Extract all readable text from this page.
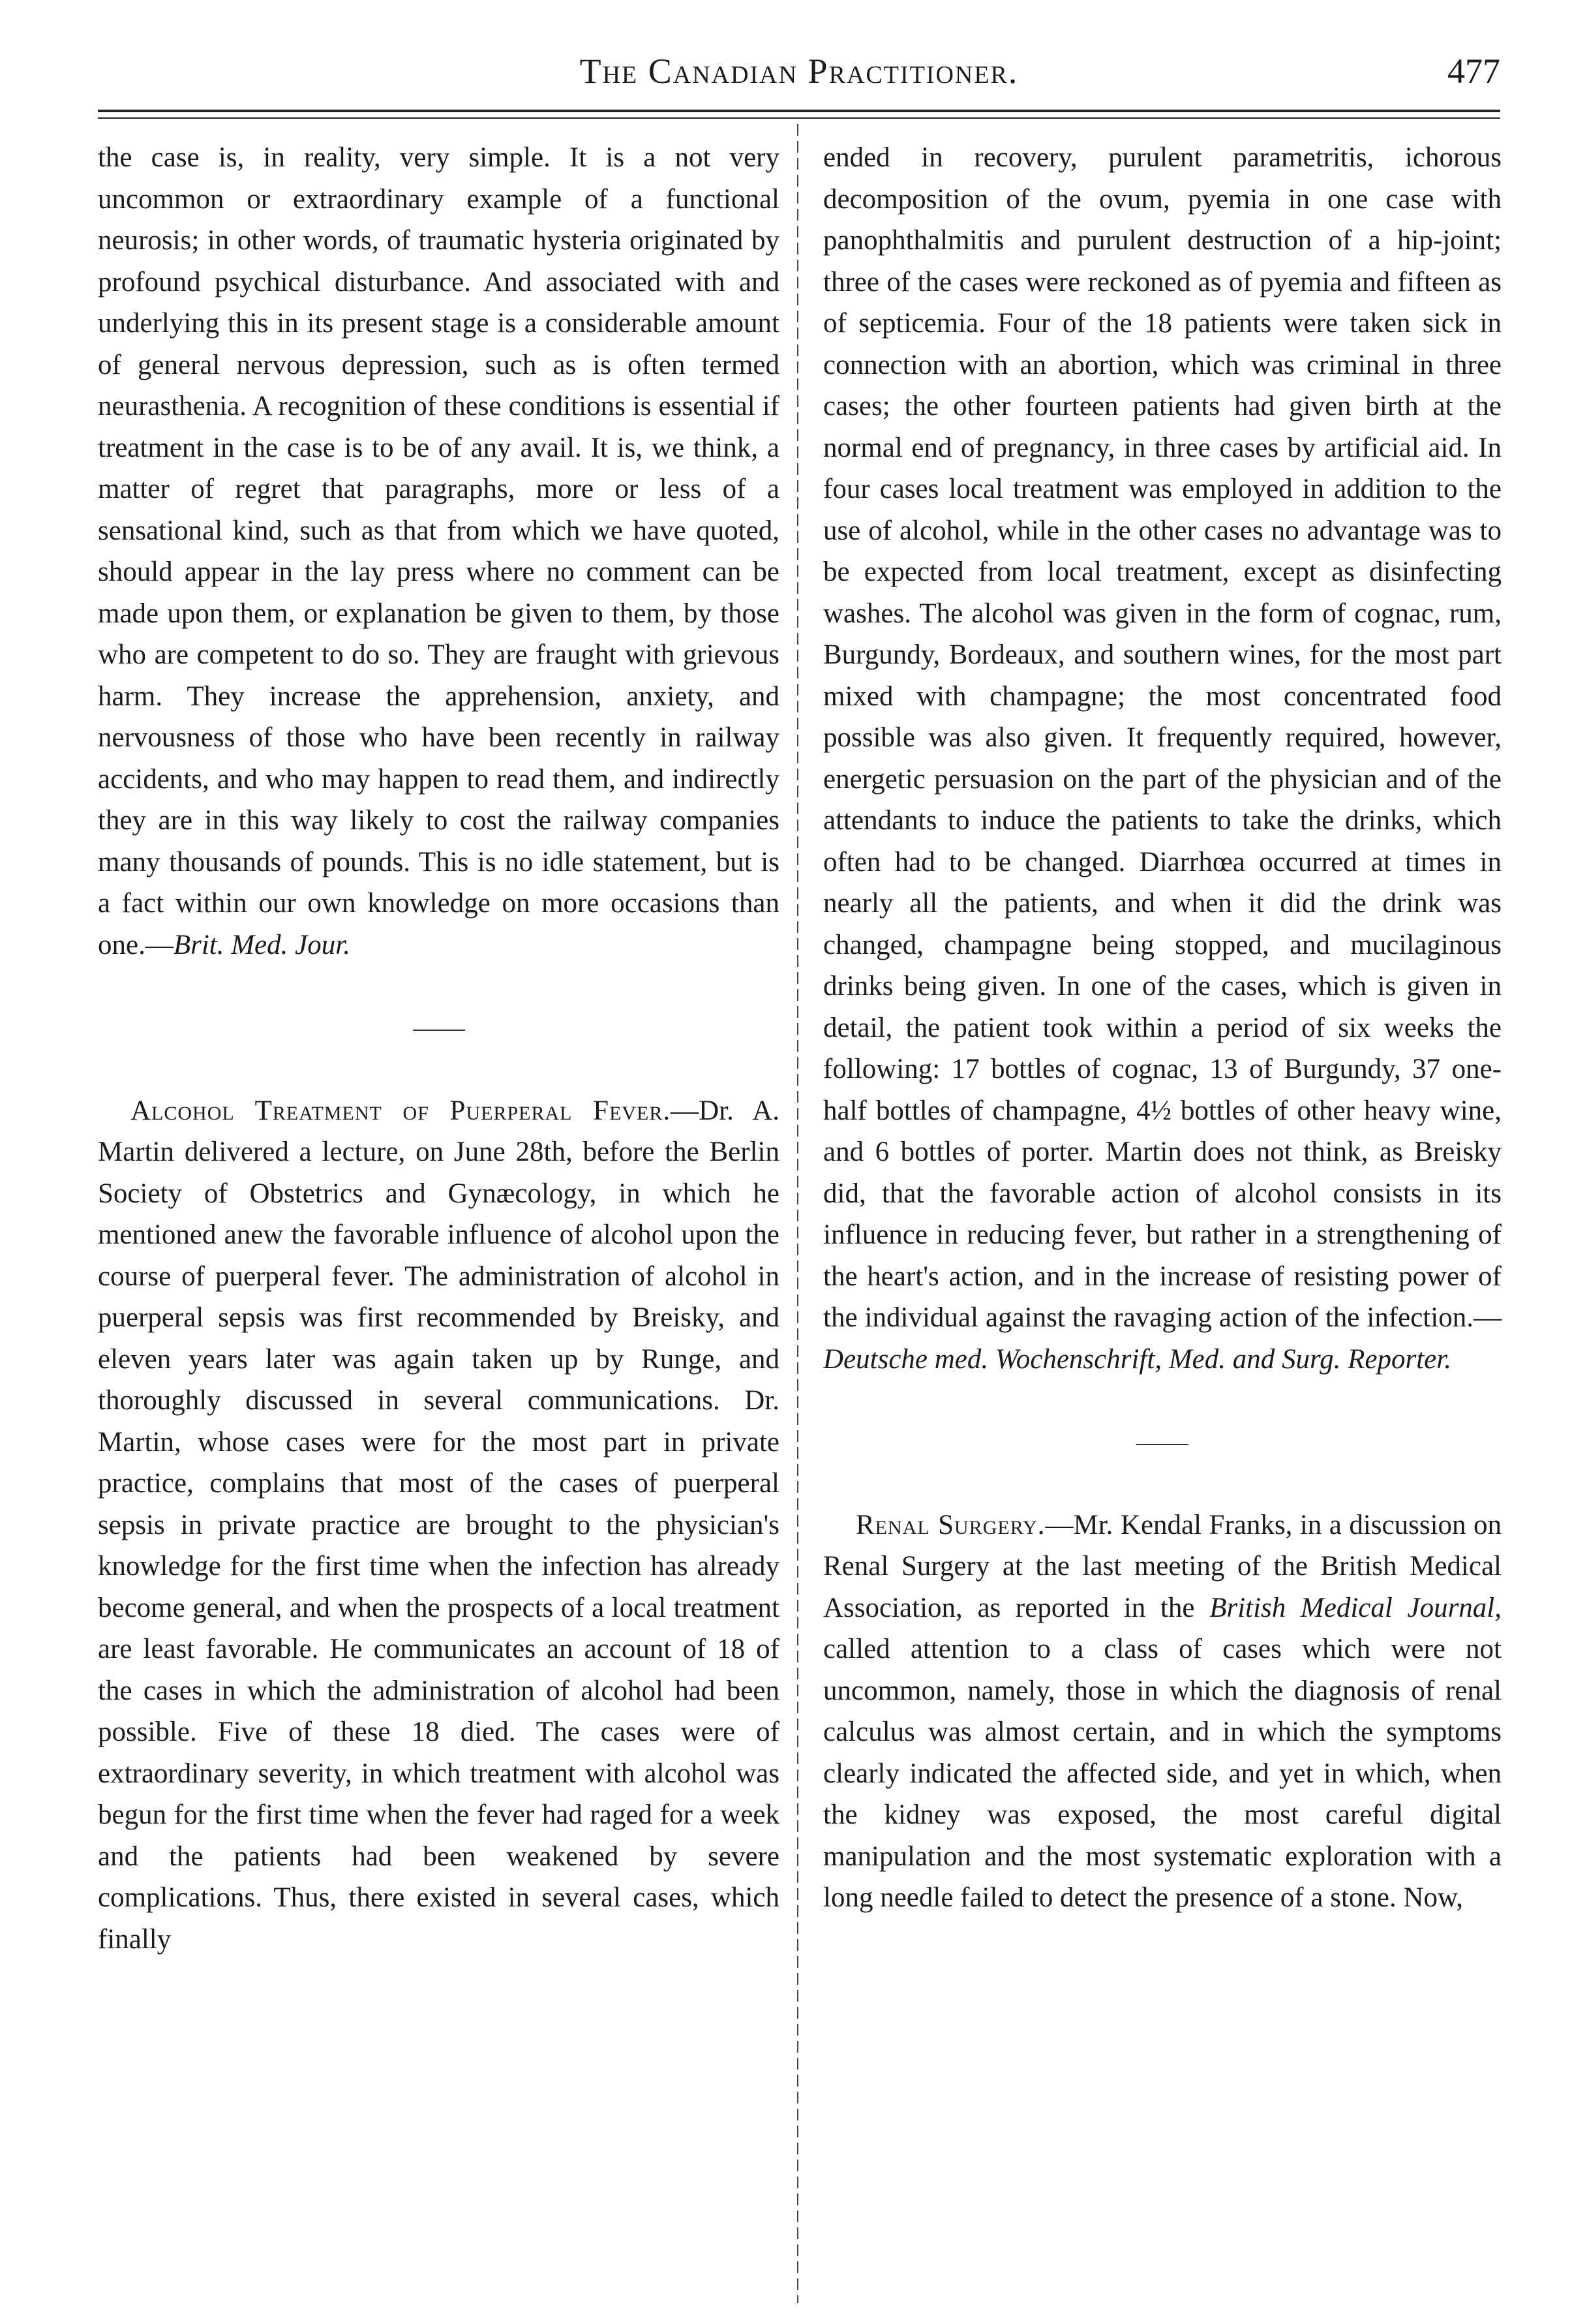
The Canadian Practitioner.	477

the case is, in reality, very simple. It is a not very uncommon or extraordinary example of a functional neurosis; in other words, of traumatic hysteria originated by profound psychical disturbance. And associated with and underlying this in its present stage is a considerable amount of general nervous depression, such as is often termed neurasthenia. A recognition of these conditions is essential if treatment in the case is to be of any avail. It is, we think, a matter of regret that paragraphs, more or less of a sensational kind, such as that from which we have quoted, should appear in the lay press where no comment can be made upon them, or explanation be given to them, by those who are competent to do so. They are fraught with grievous harm. They increase the apprehension, anxiety, and nervousness of those who have been recently in railway accidents, and who may happen to read them, and indirectly they are in this way likely to cost the railway companies many thousands of pounds. This is no idle statement, but is a fact within our own knowledge on more occasions than one.—Brit. Med. Jour.

Alcohol Treatment of Puerperal Fever.—Dr. A. Martin delivered a lecture, on June 28th, before the Berlin Society of Obstetrics and Gynæcology, in which he mentioned anew the favorable influence of alcohol upon the course of puerperal fever. The administration of alcohol in puerperal sepsis was first recommended by Breisky, and eleven years later was again taken up by Runge, and thoroughly discussed in several communications. Dr. Martin, whose cases were for the most part in private practice, complains that most of the cases of puerperal sepsis in private practice are brought to the physician's knowledge for the first time when the infection has already become general, and when the prospects of a local treatment are least favorable. He communicates an account of 18 of the cases in which the administration of alcohol had been possible. Five of these 18 died. The cases were of extraordinary severity, in which treatment with alcohol was begun for the first time when the fever had raged for a week and the patients had been weakened by severe complications. Thus, there existed in several cases, which finally

ended in recovery, purulent parametritis, ichorous decomposition of the ovum, pyemia in one case with panophthalmitis and purulent destruction of a hip-joint; three of the cases were reckoned as of pyemia and fifteen as of septicemia. Four of the 18 patients were taken sick in connection with an abortion, which was criminal in three cases; the other fourteen patients had given birth at the normal end of pregnancy, in three cases by artificial aid. In four cases local treatment was employed in addition to the use of alcohol, while in the other cases no advantage was to be expected from local treatment, except as disinfecting washes. The alcohol was given in the form of cognac, rum, Burgundy, Bordeaux, and southern wines, for the most part mixed with champagne; the most concentrated food possible was also given. It frequently required, however, energetic persuasion on the part of the physician and of the attendants to induce the patients to take the drinks, which often had to be changed. Diarrhœa occurred at times in nearly all the patients, and when it did the drink was changed, champagne being stopped, and mucilaginous drinks being given. In one of the cases, which is given in detail, the patient took within a period of six weeks the following: 17 bottles of cognac, 13 of Burgundy, 37 one-half bottles of champagne, 4½ bottles of other heavy wine, and 6 bottles of porter. Martin does not think, as Breisky did, that the favorable action of alcohol consists in its influence in reducing fever, but rather in a strengthening of the heart's action, and in the increase of resisting power of the individual against the ravaging action of the infection.—Deutsche med. Wochenschrift, Med. and Surg. Reporter.

Renal Surgery.—Mr. Kendal Franks, in a discussion on Renal Surgery at the last meeting of the British Medical Association, as reported in the British Medical Journal, called attention to a class of cases which were not uncommon, namely, those in which the diagnosis of renal calculus was almost certain, and in which the symptoms clearly indicated the affected side, and yet in which, when the kidney was exposed, the most careful digital manipulation and the most systematic exploration with a long needle failed to detect the presence of a stone. Now,
